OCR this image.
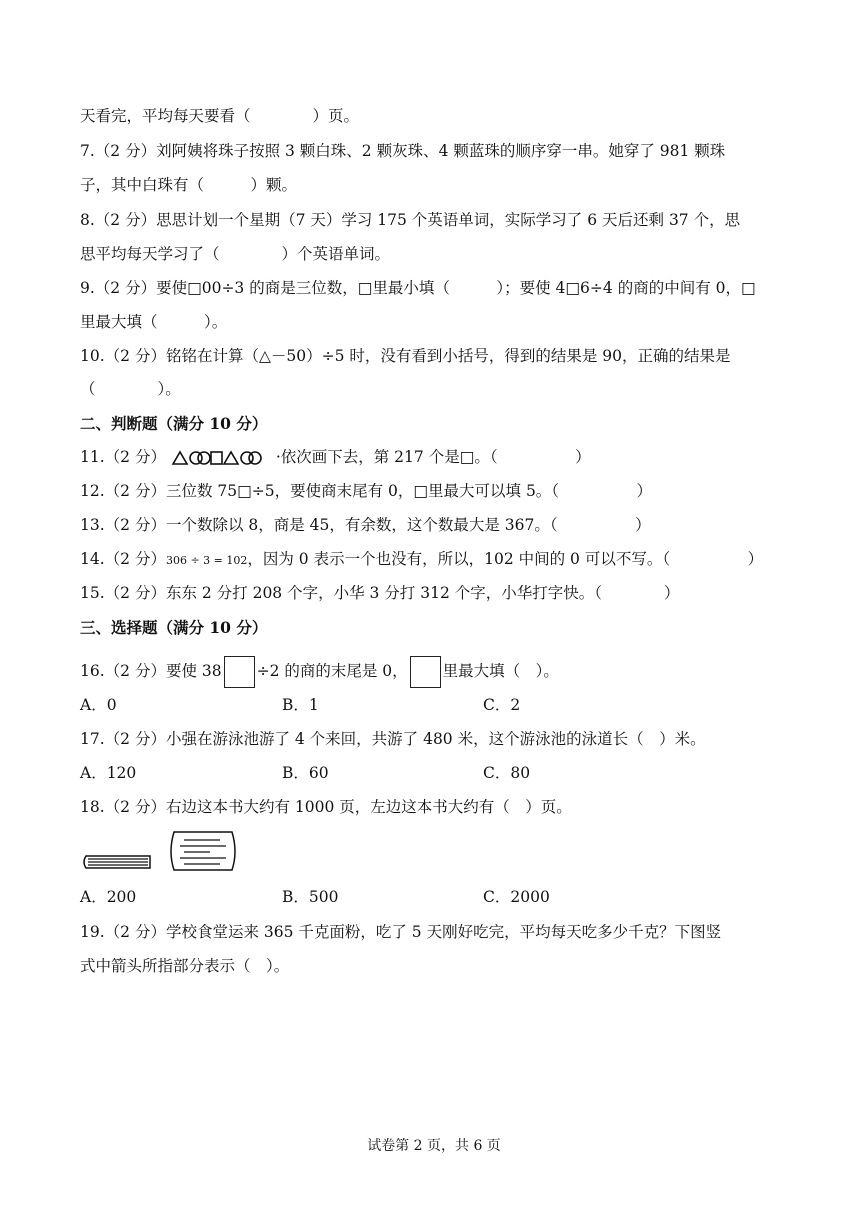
天看完，平均每天要看（　　　　）页。
7.（2 分）刘阿姨将珠子按照 3 颗白珠、2 颗灰珠、4 颗蓝珠的顺序穿一串。她穿了 981 颗珠
子，其中白珠有（　　　）颗。
8.（2 分）思思计划一个星期（7 天）学习 175 个英语单词，实际学习了 6 天后还剩 37 个，思
思平均每天学习了（　　　　）个英语单词。
9.（2 分）要使□00÷3 的商是三位数，□里最小填（　　　）；要使 4□6÷4 的商的中间有 0，□
里最大填（　　　）。
10.（2 分）铭铭在计算（△－50）÷5 时，没有看到小括号，得到的结果是 90，正确的结果是
（　　　　）。
二、判断题（满分 10 分）
11.（2 分）	·依次画下去，第 217 个是□。（　　　　　）
12.（2 分）三位数 75□÷5，要使商末尾有 0，□里最大可以填 5。（　　　　　）
13.（2 分）一个数除以 8，商是 45，有余数，这个数最大是 367。（　　　　　）
14.（2 分）306 ÷ 3 = 102，因为 0 表示一个也没有，所以，102 中间的 0 可以不写。（　　　　　）
15.（2 分）东东 2 分打 208 个字，小华 3 分打 312 个字，小华打字快。（　　　　）
三、选择题（满分 10 分）
16.（2 分）要使 38 ÷2 的商的末尾是 0， 里最大填（　）。
A．0	B．1	C．2
17.（2 分）小强在游泳池游了 4 个来回，共游了 480 米，这个游泳池的泳道长（　）米。
A．120	B．60	C．80
18.（2 分）右边这本书大约有 1000 页，左边这本书大约有（　）页。
A．200	B．500	C．2000
19.（2 分）学校食堂运来 365 千克面粉，吃了 5 天刚好吃完，平均每天吃多少千克？下图竖
式中箭头所指部分表示（　）。
试卷第 2 页，共 6 页
